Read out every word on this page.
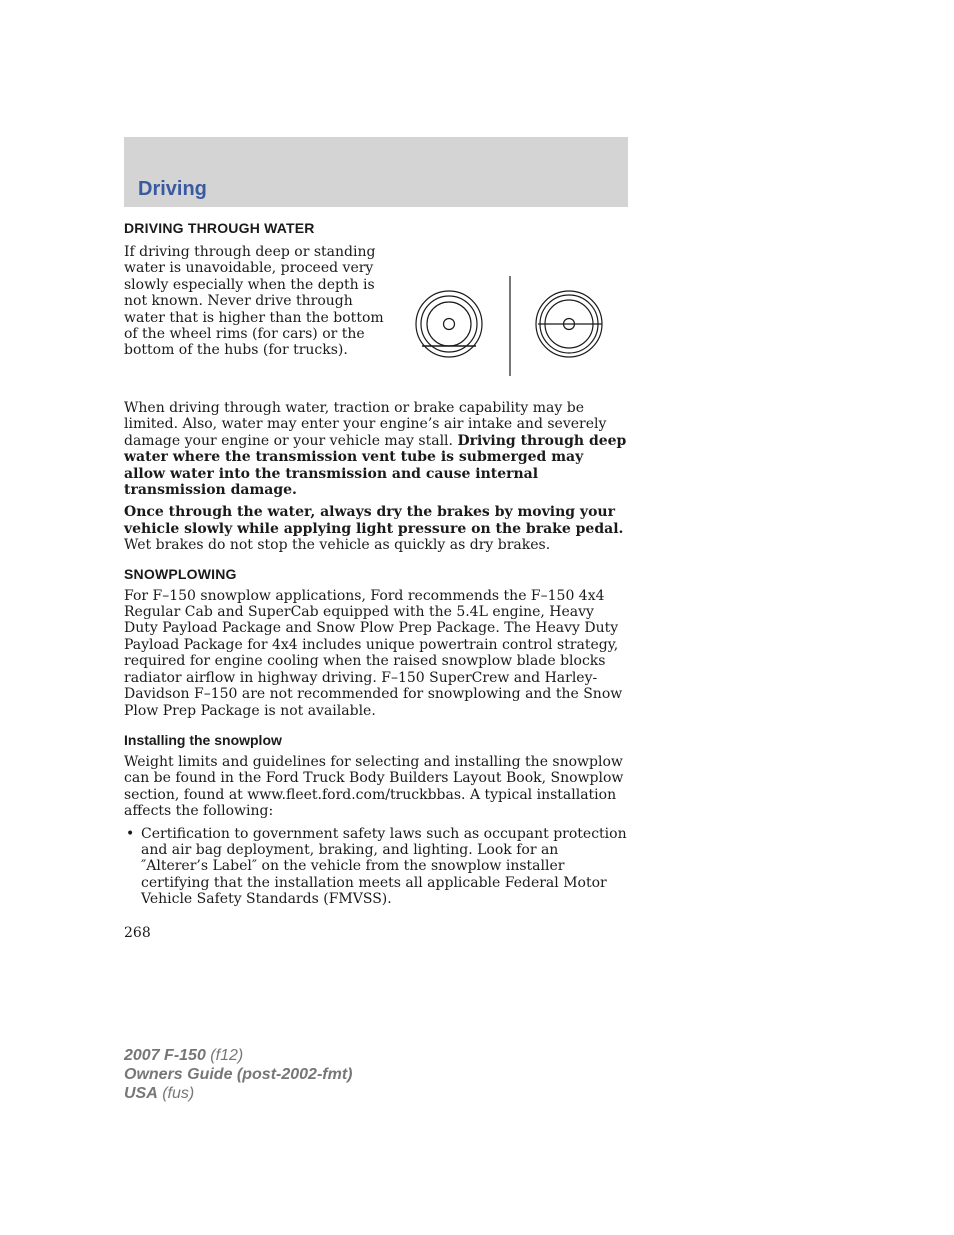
Driving
DRIVING THROUGH WATER

If driving through deep or standing water is unavoidable, proceed very slowly especially when the depth is not known. Never drive through water that is higher than the bottom of the wheel rims (for cars) or the bottom of the hubs (for trucks).

When driving through water, traction or brake capability may be limited. Also, water may enter your engine’s air intake and severely damage your engine or your vehicle may stall. Driving through deep water where the transmission vent tube is submerged may allow water into the transmission and cause internal transmission damage.

Once through the water, always dry the brakes by moving your vehicle slowly while applying light pressure on the brake pedal. Wet brakes do not stop the vehicle as quickly as dry brakes.

SNOWPLOWING

For F–150 snowplow applications, Ford recommends the F–150 4x4 Regular Cab and SuperCab equipped with the 5.4L engine, Heavy Duty Payload Package and Snow Plow Prep Package. The Heavy Duty Payload Package for 4x4 includes unique powertrain control strategy, required for engine cooling when the raised snowplow blade blocks radiator airflow in highway driving. F–150 SuperCrew and Harley-Davidson F–150 are not recommended for snowplowing and the Snow Plow Prep Package is not available.

Installing the snowplow

Weight limits and guidelines for selecting and installing the snowplow can be found in the Ford Truck Body Builders Layout Book, Snowplow section, found at www.fleet.ford.com/truckbbas. A typical installation affects the following:

• Certification to government safety laws such as occupant protection and air bag deployment, braking, and lighting. Look for an ″Alterer’s Label″ on the vehicle from the snowplow installer certifying that the installation meets all applicable Federal Motor Vehicle Safety Standards (FMVSS).

268

2007 F-150 (f12)
Owners Guide (post-2002-fmt)
USA (fus)
